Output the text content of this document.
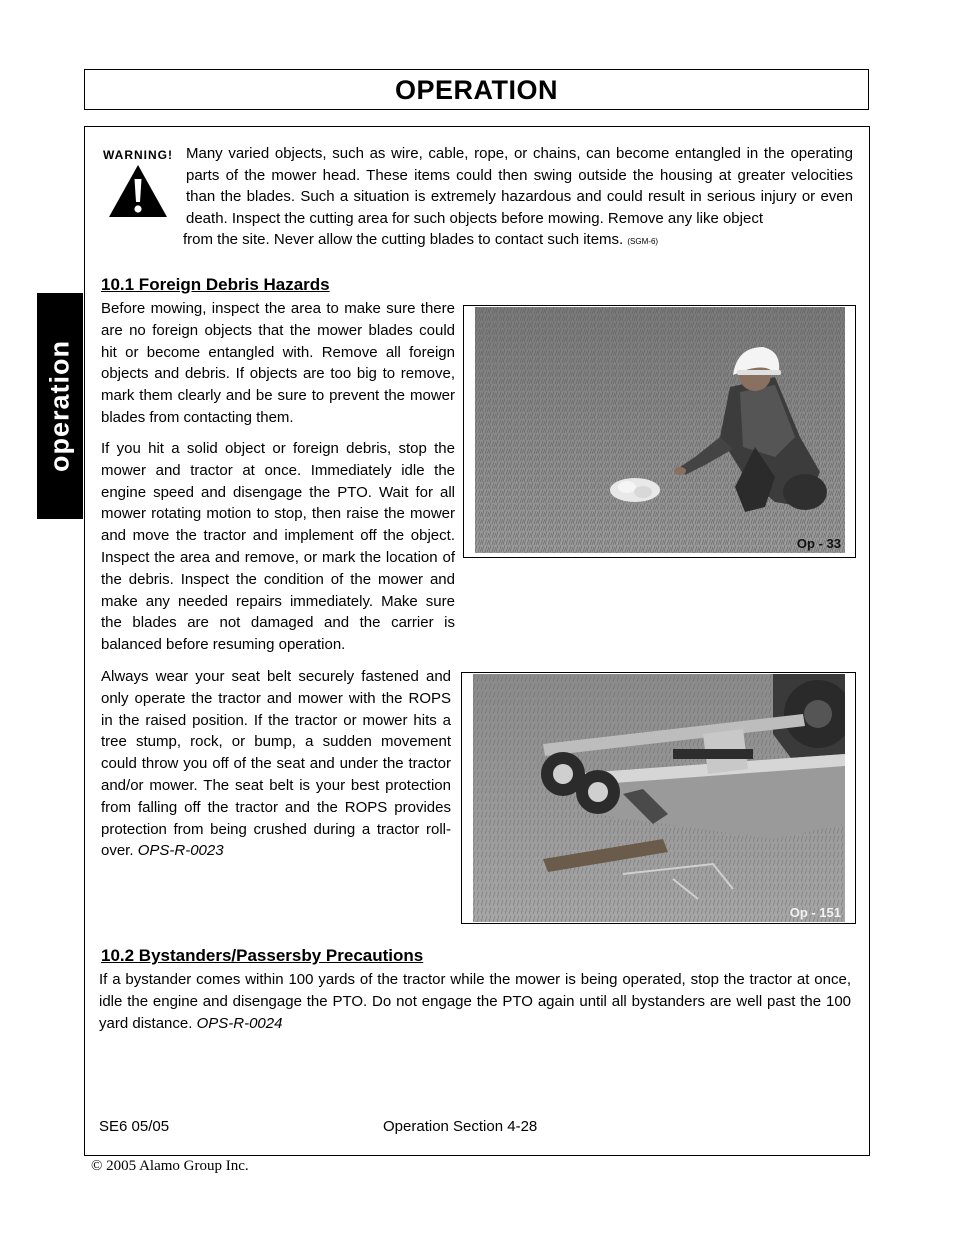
OPERATION
operation
WARNING! Many varied objects, such as wire, cable, rope, or chains, can become entangled in the operating parts of the mower head. These items could then swing outside the housing at greater velocities than the blades. Such a situation is extremely hazardous and could result in serious injury or even death. Inspect the cutting area for such objects before mowing. Remove any like object
from the site. Never allow the cutting blades to contact such items. (SGM-6)
10.1 Foreign Debris Hazards

Before mowing, inspect the area to make sure there are no foreign objects that the mower blades could hit or become entangled with. Remove all foreign objects and debris. If objects are too big to remove, mark them clearly and be sure to prevent the mower blades from contacting them.

If you hit a solid object or foreign debris, stop the mower and tractor at once. Immediately idle the engine speed and disengage the PTO. Wait for all mower rotating motion to stop, then raise the mower and move the tractor and implement off the object. Inspect the area and remove, or mark the location of the debris. Inspect the condition of the mower and make any needed repairs immediately. Make sure the blades are not damaged and the carrier is balanced before resuming operation.

Always wear your seat belt securely fastened and only operate the tractor and mower with the ROPS in the raised position. If the tractor or mower hits a tree stump, rock, or bump, a sudden movement could throw you off of the seat and under the tractor and/or mower. The seat belt is your best protection from falling off the tractor and the ROPS provides protection from being crushed during a tractor roll-over. OPS-R-0023

Op - 33
Op - 151
10.2 Bystanders/Passersby Precautions

If a bystander comes within 100 yards of the tractor while the mower is being operated, stop the tractor at once, idle the engine and disengage the PTO. Do not engage the PTO again until all bystanders are well past the 100 yard distance. OPS-R-0024

SE6 05/05	Operation Section 4-28
© 2005 Alamo Group Inc.
